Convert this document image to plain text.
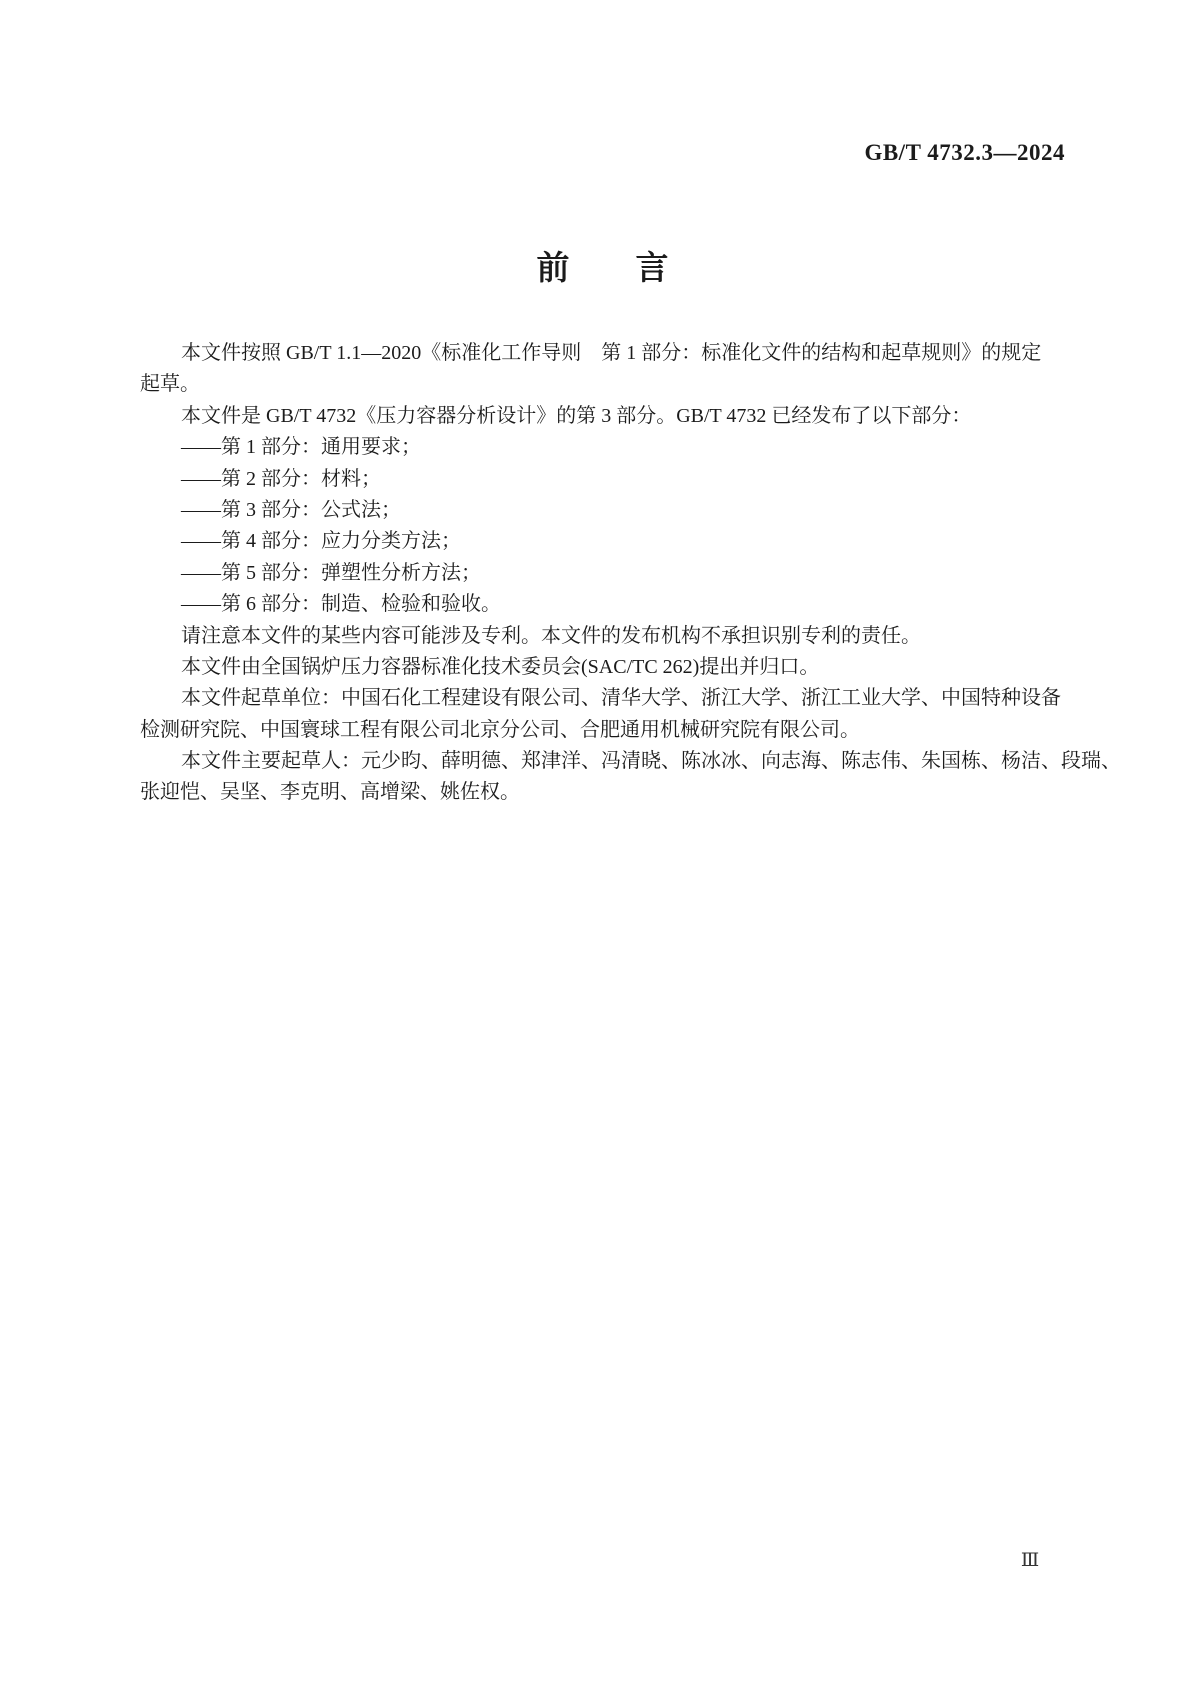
GB/T 4732.3—2024
前　　言
本文件按照 GB/T 1.1—2020《标准化工作导则　第 1 部分：标准化文件的结构和起草规则》的规定
起草。
本文件是 GB/T 4732《压力容器分析设计》的第 3 部分。GB/T 4732 已经发布了以下部分：
——第 1 部分：通用要求；
——第 2 部分：材料；
——第 3 部分：公式法；
——第 4 部分：应力分类方法；
——第 5 部分：弹塑性分析方法；
——第 6 部分：制造、检验和验收。
请注意本文件的某些内容可能涉及专利。本文件的发布机构不承担识别专利的责任。
本文件由全国锅炉压力容器标准化技术委员会(SAC/TC 262)提出并归口。
本文件起草单位：中国石化工程建设有限公司、清华大学、浙江大学、浙江工业大学、中国特种设备
检测研究院、中国寰球工程有限公司北京分公司、合肥通用机械研究院有限公司。
本文件主要起草人：元少昀、薛明德、郑津洋、冯清晓、陈冰冰、向志海、陈志伟、朱国栋、杨洁、段瑞、
张迎恺、吴坚、李克明、高增梁、姚佐权。
Ⅲ
